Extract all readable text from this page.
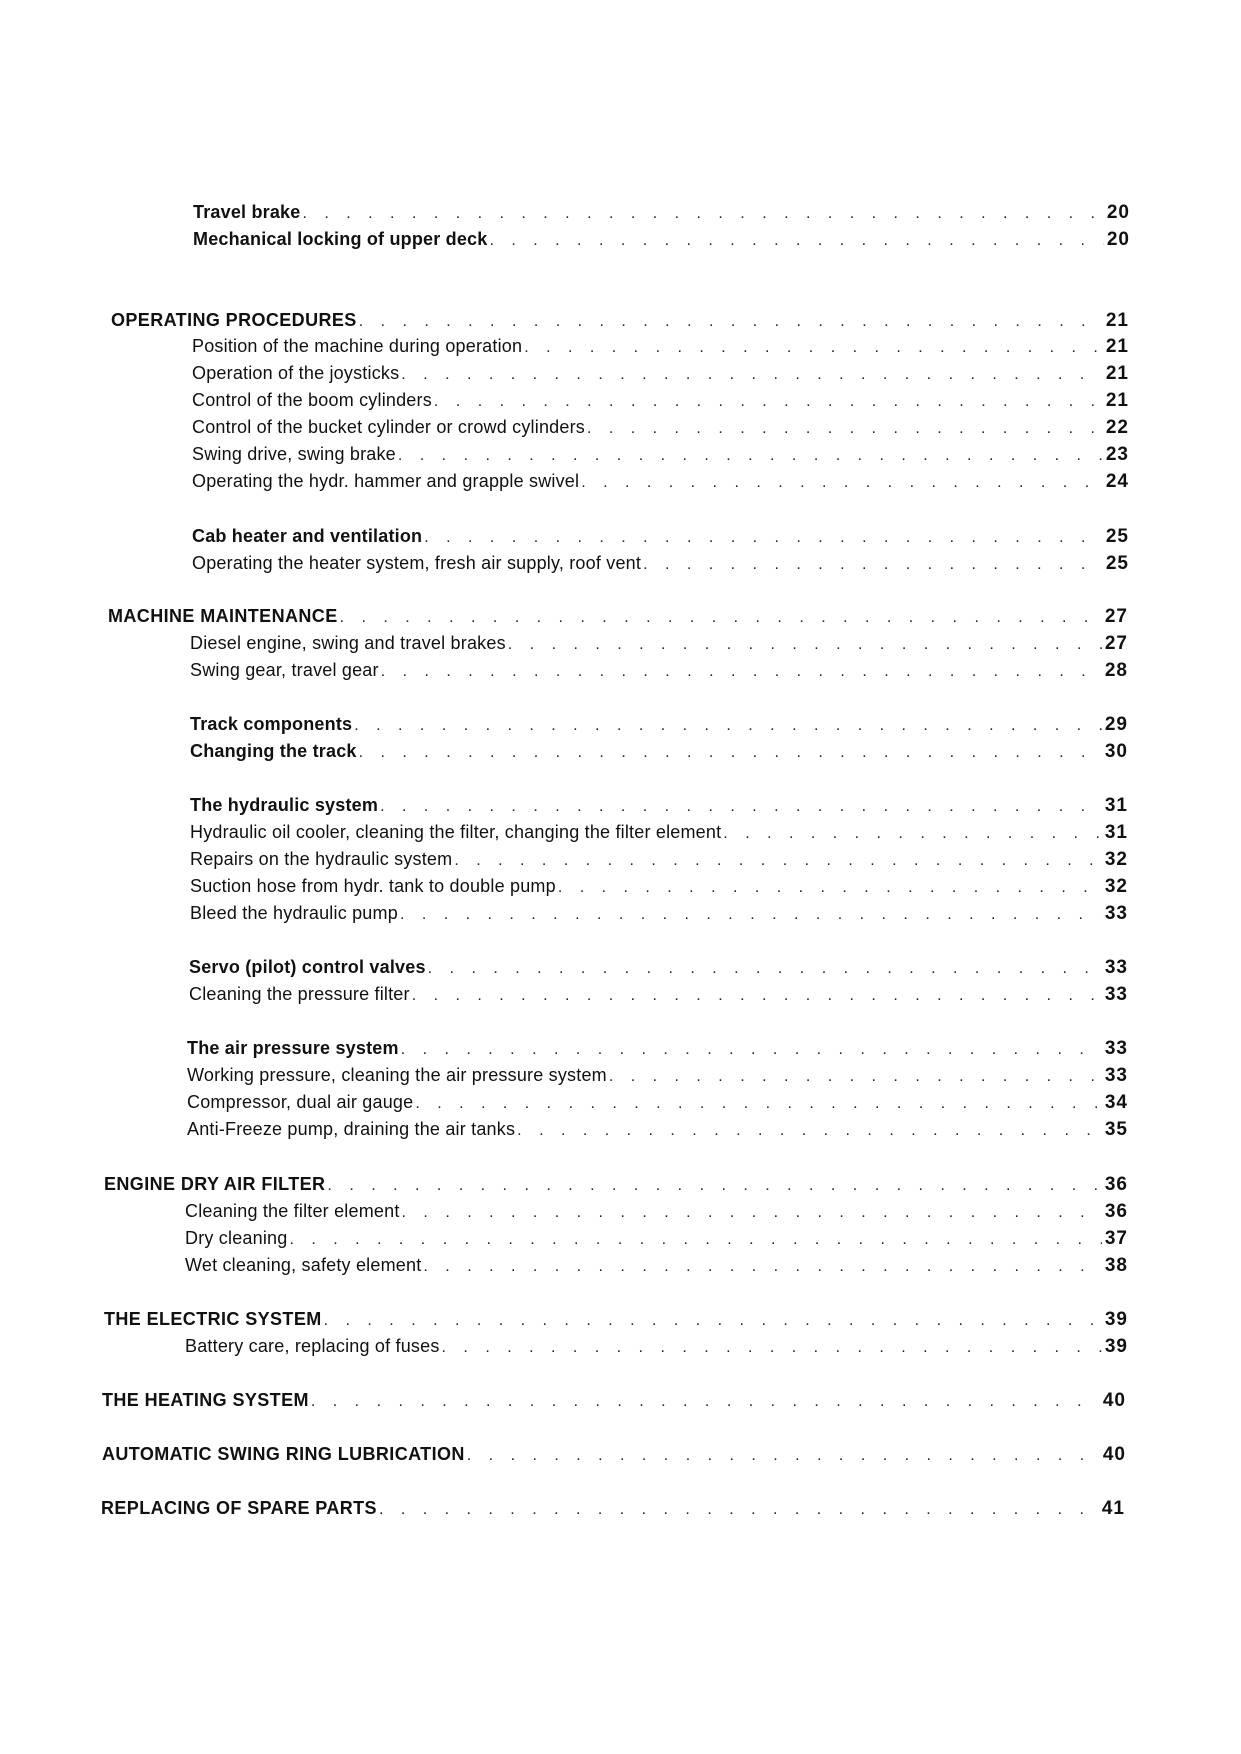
Travel brake . . .	20
Mechanical locking of upper deck . . .	20
OPERATING PROCEDURES . . .	21
Position of the machine during operation . . .	21
Operation of the joysticks . . .	21
Control of the boom cylinders . . .	21
Control of the bucket cylinder or crowd cylinders . . .	22
Swing drive, swing brake . . .	23
Operating the hydr. hammer and grapple swivel . . .	24
Cab heater and ventilation . . .	25
Operating the heater system, fresh air supply, roof vent . . .	25
MACHINE MAINTENANCE . . .	27
Diesel engine, swing and travel brakes . . .	27
Swing gear, travel gear . . .	28
Track components . . .	29
Changing the track . . .	30
The hydraulic system . . .	31
Hydraulic oil cooler, cleaning the filter, changing the filter element . . .	31
Repairs on the hydraulic system . . .	32
Suction hose from hydr. tank to double pump . . .	32
Bleed the hydraulic pump . . .	33
Servo (pilot) control valves . . .	33
Cleaning the pressure filter . . .	33
The air pressure system . . .	33
Working pressure, cleaning the air pressure system . . .	33
Compressor, dual air gauge . . .	34
Anti-Freeze pump, draining the air tanks . . .	35
ENGINE DRY AIR FILTER . . .	36
Cleaning the filter element . . .	36
Dry cleaning . . .	37
Wet cleaning, safety element . . .	38
THE ELECTRIC SYSTEM . . .	39
Battery care, replacing of fuses . . .	39
THE HEATING SYSTEM . . .	40
AUTOMATIC SWING RING LUBRICATION . . .	40
REPLACING OF SPARE PARTS . . .	41
